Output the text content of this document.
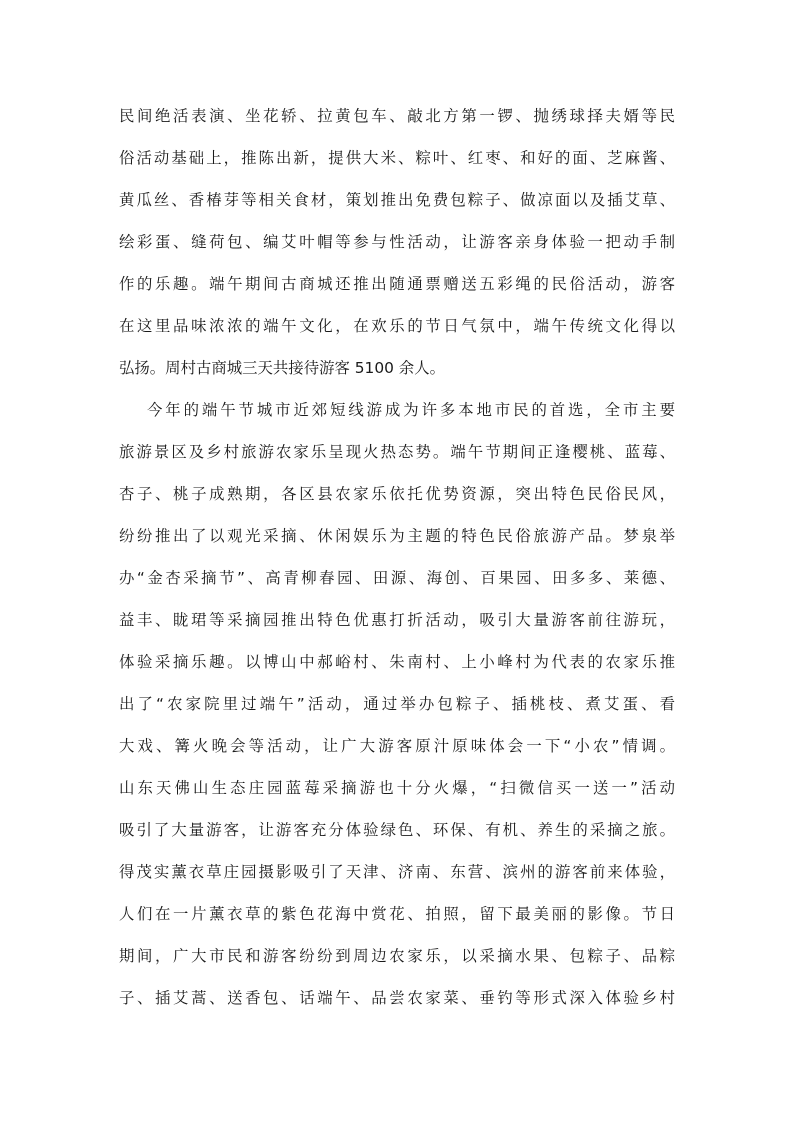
民间绝活表演、坐花轿、拉黄包车、敲北方第一锣、抛绣球择夫婿等民
俗活动基础上，推陈出新，提供大米、粽叶、红枣、和好的面、芝麻酱、
黄瓜丝、香椿芽等相关食材，策划推出免费包粽子、做凉面以及插艾草、
绘彩蛋、缝荷包、编艾叶帽等参与性活动，让游客亲身体验一把动手制
作的乐趣。端午期间古商城还推出随通票赠送五彩绳的民俗活动，游客
在这里品味浓浓的端午文化，在欢乐的节日气氛中，端午传统文化得以
弘扬。周村古商城三天共接待游客 5100 余人。
今年的端午节城市近郊短线游成为许多本地市民的首选，全市主要
旅游景区及乡村旅游农家乐呈现火热态势。端午节期间正逢樱桃、蓝莓、
杏子、桃子成熟期，各区县农家乐依托优势资源，突出特色民俗民风，
纷纷推出了以观光采摘、休闲娱乐为主题的特色民俗旅游产品。梦泉举
办“金杏采摘节”、高青柳春园、田源、海创、百果园、田多多、莱德、
益丰、眬珺等采摘园推出特色优惠打折活动，吸引大量游客前往游玩，
体验采摘乐趣。以博山中郝峪村、朱南村、上小峰村为代表的农家乐推
出了“农家院里过端午”活动，通过举办包粽子、插桃枝、煮艾蛋、看
大戏、篝火晚会等活动，让广大游客原汁原味体会一下“小农”情调。
山东天佛山生态庄园蓝莓采摘游也十分火爆，“扫微信买一送一”活动
吸引了大量游客，让游客充分体验绿色、环保、有机、养生的采摘之旅。
得茂实薰衣草庄园摄影吸引了天津、济南、东营、滨州的游客前来体验，
人们在一片薰衣草的紫色花海中赏花、拍照，留下最美丽的影像。节日
期间，广大市民和游客纷纷到周边农家乐，以采摘水果、包粽子、品粽
子、插艾蒿、送香包、话端午、品尝农家菜、垂钓等形式深入体验乡村
